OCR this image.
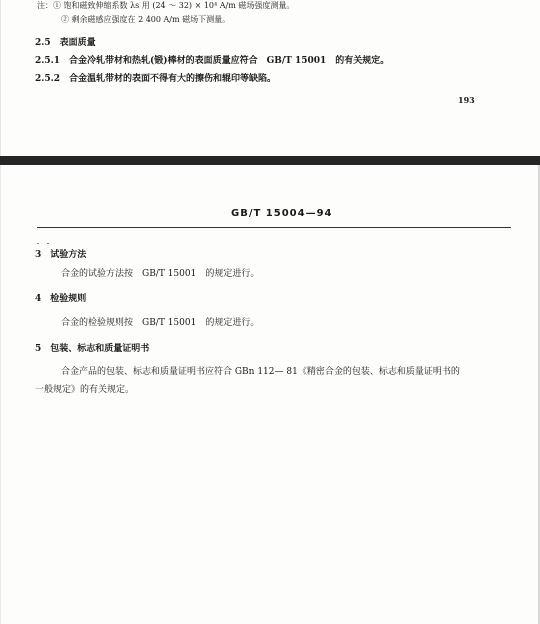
注：① 饱和磁致伸缩系数 λs 用 (24 ～ 32) × 10⁴ A/m 磁场强度测量。
② 剩余磁感应强度在 2 400 A/m 磁场下测量。
2.5　表面质量
2.5.1　合金冷轧带材和热轧(锻)棒材的表面质量应符合　GB/T 15001　的有关规定。
2.5.2　合金温轧带材的表面不得有大的擦伤和辊印等缺陷。
193
GB/T 15004—94
3　试验方法
合金的试验方法按　GB/T 15001　的规定进行。
4　检验规则
合金的检验规则按　GB/T 15001　的规定进行。
5　包装、标志和质量证明书
合金产品的包装、标志和质量证明书应符合 GBn 112— 81《精密合金的包装、标志和质量证明书的
一般规定》的有关规定。
